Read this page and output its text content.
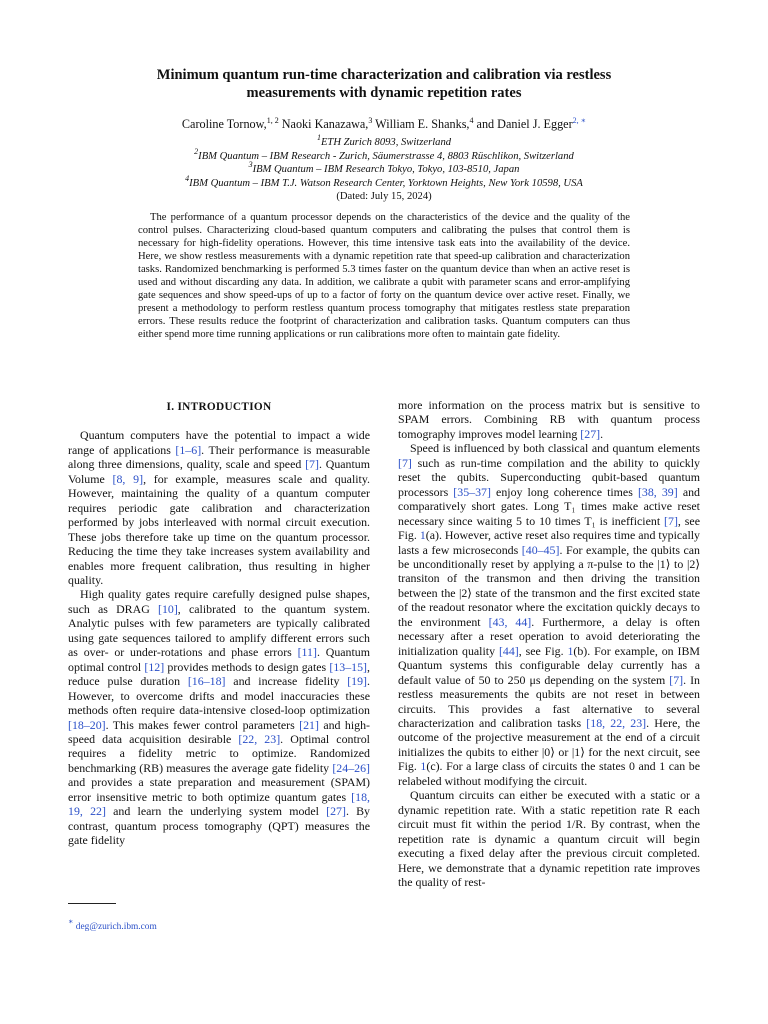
Minimum quantum run-time characterization and calibration via restless
measurements with dynamic repetition rates
Caroline Tornow,$^{1, 2}$ Naoki Kanazawa,$^3$ William E. Shanks,$^4$ and Daniel J. Egger$^{2, ∗}$
$^1$ETH Zurich 8093, Switzerland
$^2$IBM Quantum – IBM Research - Zurich, Säumerstrasse 4, 8803 Rüschlikon, Switzerland
$^3$IBM Quantum – IBM Research Tokyo, Tokyo, 103-8510, Japan
$^4$IBM Quantum – IBM T.J. Watson Research Center, Yorktown Heights, New York 10598, USA
(Dated: July 15, 2024)

The performance of a quantum processor depends on the characteristics of the device and the quality of the control pulses. Characterizing cloud-based quantum computers and calibrating the pulses that control them is necessary for high-fidelity operations. However, this time intensive task eats into the availability of the device. Here, we show restless measurements with a dynamic repetition rate that speed-up calibration and characterization tasks. Randomized benchmarking is performed 5.3 times faster on the quantum device than when an active reset is used and without discarding any data. In addition, we calibrate a qubit with parameter scans and error-amplifying gate sequences and show speed-ups of up to a factor of forty on the quantum device over active reset. Finally, we present a methodology to perform restless quantum process tomography that mitigates restless state preparation errors. These results reduce the footprint of characterization and calibration tasks. Quantum computers can thus either spend more time running applications or run calibrations more often to maintain gate fidelity.

I. INTRODUCTION

Quantum computers have the potential to impact a wide range of applications [1–6]. Their performance is measurable along three dimensions, quality, scale and speed [7]. Quantum Volume [8, 9], for example, measures scale and quality. However, maintaining the quality of a quantum computer requires periodic gate calibration and characterization performed by jobs interleaved with normal circuit execution. These jobs therefore take up time on the quantum processor. Reducing the time they take increases system availability and enables more frequent calibration, thus resulting in higher quality.

High quality gates require carefully designed pulse shapes, such as DRAG [10], calibrated to the quantum system. Analytic pulses with few parameters are typically calibrated using gate sequences tailored to amplify different errors such as over- or under-rotations and phase errors [11]. Quantum optimal control [12] provides methods to design gates [13–15], reduce pulse duration [16–18] and increase fidelity [19]. However, to overcome drifts and model inaccuracies these methods often require data-intensive closed-loop optimization [18–20]. This makes fewer control parameters [21] and high-speed data acquisition desirable [22, 23]. Optimal control requires a fidelity metric to optimize. Randomized benchmarking (RB) measures the average gate fidelity [24–26] and provides a state preparation and measurement (SPAM) error insensitive metric to both optimize quantum gates [18, 19, 22] and learn the underlying system model [27]. By contrast, quantum process tomography (QPT) measures the gate fidelity

more information on the process matrix but is sensitive to SPAM errors. Combining RB with quantum process tomography improves model learning [27].

Speed is influenced by both classical and quantum elements [7] such as run-time compilation and the ability to quickly reset the qubits. Superconducting qubit-based quantum processors [35–37] enjoy long coherence times [38, 39] and comparatively short gates. Long T₁ times make active reset necessary since waiting 5 to 10 times T₁ is inefficient [7], see Fig. 1(a). However, active reset also requires time and typically lasts a few microseconds [40–45]. For example, the qubits can be unconditionally reset by applying a π-pulse to the |1⟩ to |2⟩ transiton of the transmon and then driving the transition between the |2⟩ state of the transmon and the first excited state of the readout resonator where the excitation quickly decays to the environment [43, 44]. Furthermore, a delay is often necessary after a reset operation to avoid deteriorating the initialization quality [44], see Fig. 1(b). For example, on IBM Quantum systems this configurable delay currently has a default value of 50 to 250 μs depending on the system [7]. In restless measurements the qubits are not reset in between circuits. This provides a fast alternative to several characterization and calibration tasks [18, 22, 23]. Here, the outcome of the projective measurement at the end of a circuit initializes the qubits to either |0⟩ or |1⟩ for the next circuit, see Fig. 1(c). For a large class of circuits the states 0 and 1 can be relabeled without modifying the circuit.

Quantum circuits can either be executed with a static or a dynamic repetition rate. With a static repetition rate R each circuit must fit within the period 1/R. By contrast, when the repetition rate is dynamic a quantum circuit will begin executing a fixed delay after the previous circuit completed. Here, we demonstrate that a dynamic repetition rate improves the quality of rest-

∗ deg@zurich.ibm.com
